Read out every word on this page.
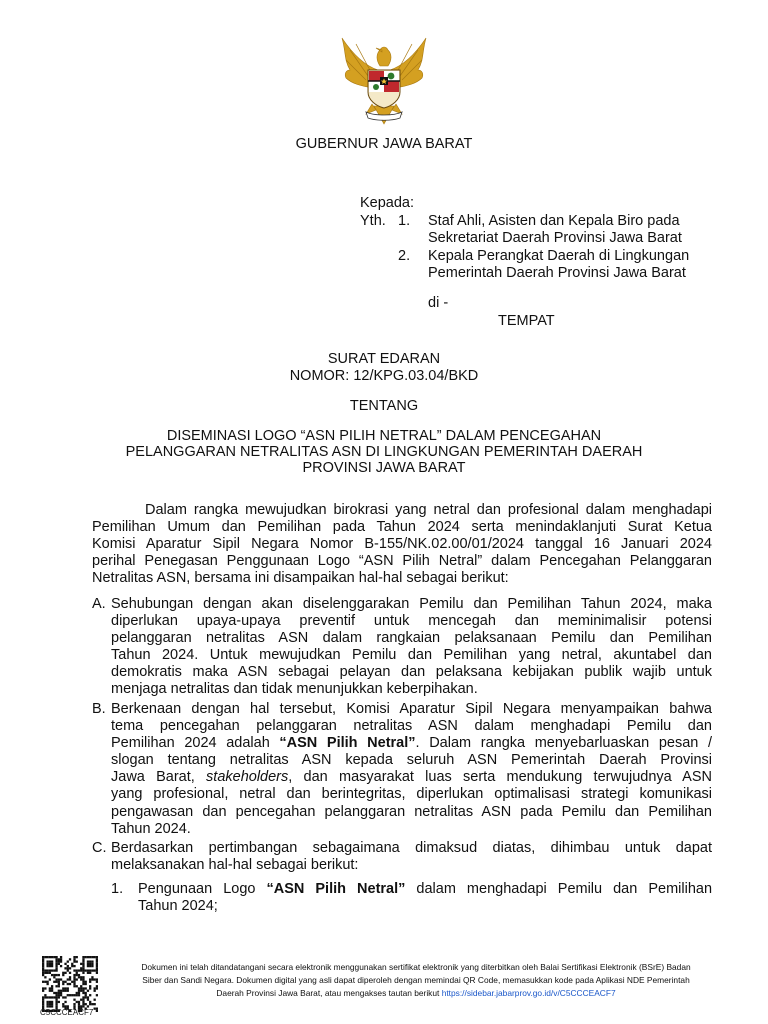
GUBERNUR JAWA BARAT
Kepada:
Yth. 1. Staf Ahli, Asisten dan Kepala Biro pada
Sekretariat Daerah Provinsi Jawa Barat
2. Kepala Perangkat Daerah di Lingkungan
Pemerintah Daerah Provinsi Jawa Barat
di -
TEMPAT
SURAT EDARAN
NOMOR: 12/KPG.03.04/BKD
TENTANG
DISEMINASI LOGO “ASN PILIH NETRAL” DALAM PENCEGAHAN
PELANGGARAN NETRALITAS ASN DI LINGKUNGAN PEMERINTAH DAERAH
PROVINSI JAWA BARAT
Dalam rangka mewujudkan birokrasi yang netral dan profesional dalam menghadapi
Pemilihan Umum dan Pemilihan pada Tahun 2024 serta menindaklanjuti Surat Ketua
Komisi Aparatur Sipil Negara Nomor B-155/NK.02.00/01/2024 tanggal 16 Januari 2024
perihal Penegasan Penggunaan Logo “ASN Pilih Netral” dalam Pencegahan Pelanggaran
Netralitas ASN, bersama ini disampaikan hal-hal sebagai berikut:
A. Sehubungan dengan akan diselenggarakan Pemilu dan Pemilihan Tahun 2024, maka
diperlukan upaya-upaya preventif untuk mencegah dan meminimalisir potensi
pelanggaran netralitas ASN dalam rangkaian pelaksanaan Pemilu dan Pemilihan
Tahun 2024. Untuk mewujudkan Pemilu dan Pemilihan yang netral, akuntabel dan
demokratis maka ASN sebagai pelayan dan pelaksana kebijakan publik wajib untuk
menjaga netralitas dan tidak menunjukkan keberpihakan.
B. Berkenaan dengan hal tersebut, Komisi Aparatur Sipil Negara menyampaikan bahwa
tema pencegahan pelanggaran netralitas ASN dalam menghadapi Pemilu dan
Pemilihan 2024 adalah “ASN Pilih Netral”. Dalam rangka menyebarluaskan pesan /
slogan tentang netralitas ASN kepada seluruh ASN Pemerintah Daerah Provinsi
Jawa Barat, stakeholders, dan masyarakat luas serta mendukung terwujudnya ASN
yang profesional, netral dan berintegritas, diperlukan optimalisasi strategi komunikasi
pengawasan dan pencegahan pelanggaran netralitas ASN pada Pemilu dan Pemilihan
Tahun 2024.
C. Berdasarkan pertimbangan sebagaimana dimaksud diatas, dihimbau untuk dapat
melaksanakan hal-hal sebagai berikut:
1. Pengunaan Logo “ASN Pilih Netral” dalam menghadapi Pemilu dan Pemilihan
Tahun 2024;
C5CCCEACF7
Dokumen ini telah ditandatangani secara elektronik menggunakan sertifikat elektronik yang diterbitkan oleh Balai Sertifikasi Elektronik (BSrE) Badan
Siber dan Sandi Negara. Dokumen digital yang asli dapat diperoleh dengan memindai QR Code, memasukkan kode pada Aplikasi NDE Pemerintah
Daerah Provinsi Jawa Barat, atau mengakses tautan berikut https://sidebar.jabarprov.go.id/v/C5CCCEACF7
